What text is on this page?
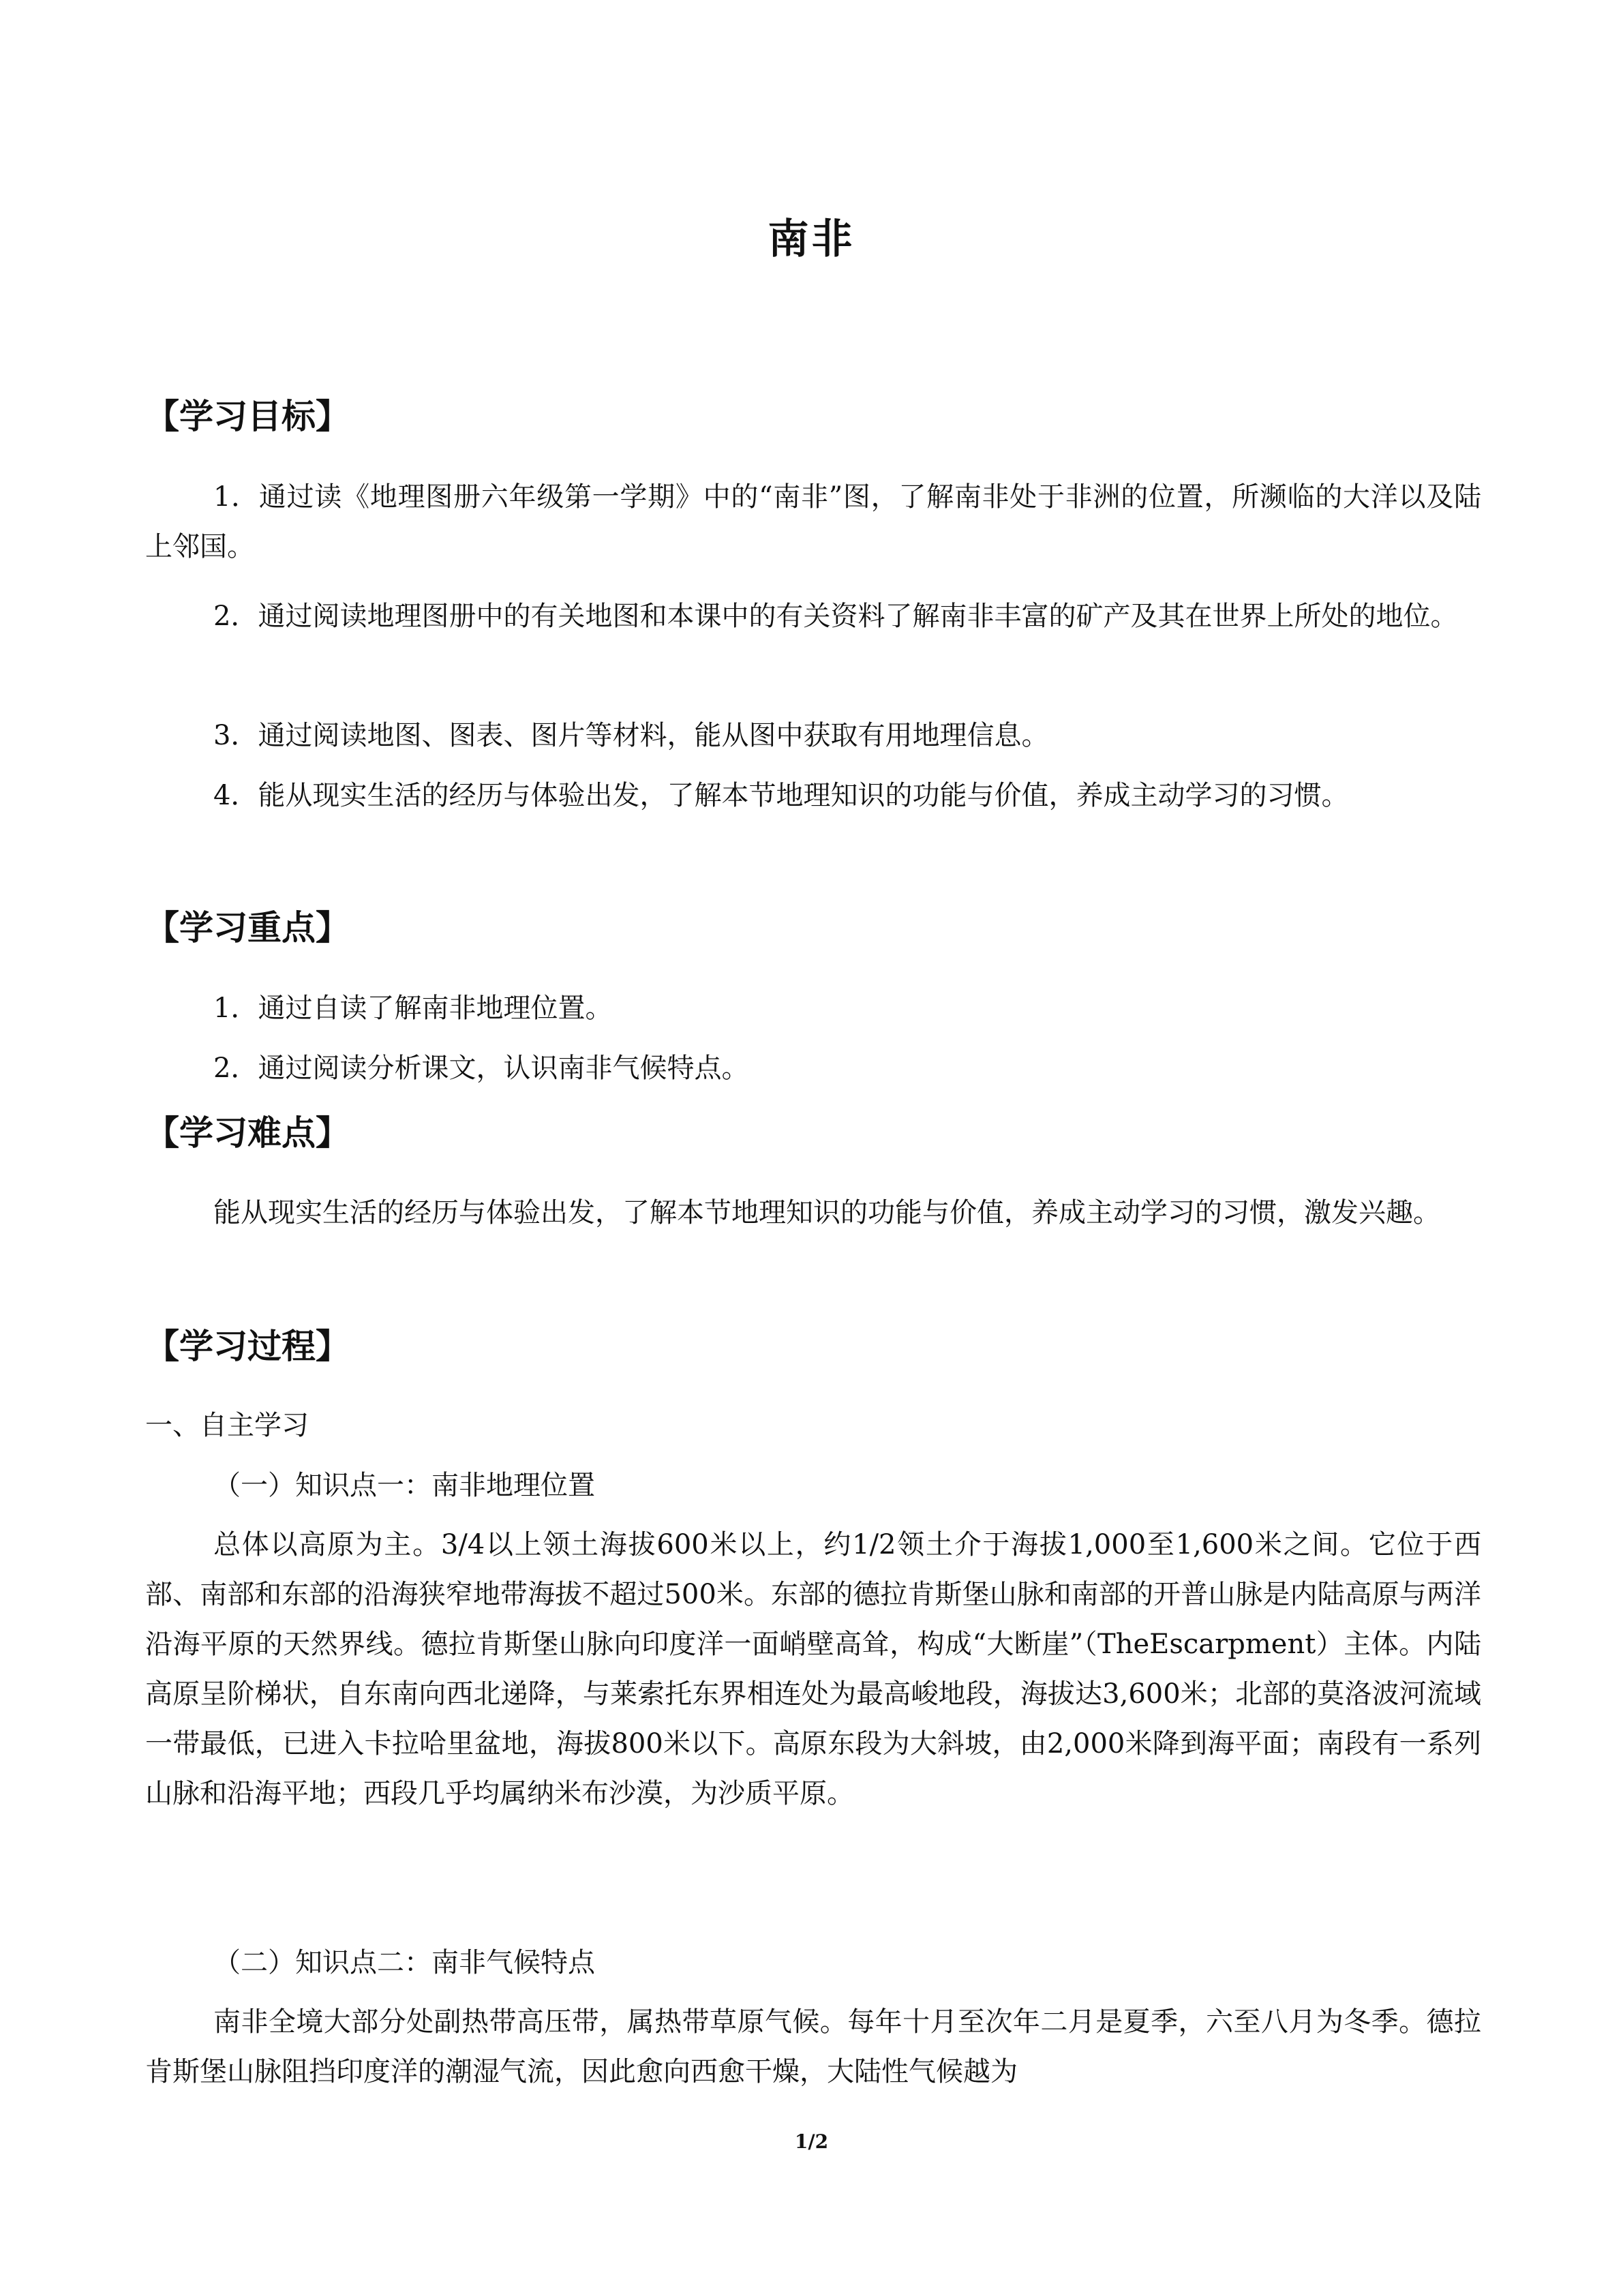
南非
【学习目标】
1．通过读《地理图册六年级第一学期》中的“南非”图，了解南非处于非洲的位置，所濒临的大洋以及陆上邻国。
2．通过阅读地理图册中的有关地图和本课中的有关资料了解南非丰富的矿产及其在世界上所处的地位。
3．通过阅读地图、图表、图片等材料，能从图中获取有用地理信息。
4．能从现实生活的经历与体验出发，了解本节地理知识的功能与价值，养成主动学习的习惯。
【学习重点】
1．通过自读了解南非地理位置。
2．通过阅读分析课文，认识南非气候特点。
【学习难点】
能从现实生活的经历与体验出发，了解本节地理知识的功能与价值，养成主动学习的习惯，激发兴趣。
【学习过程】
一、自主学习
（一）知识点一：南非地理位置
总体以高原为主。3/4以上领土海拔600米以上，约1/2领土介于海拔1,000至1,600米之间。它位于西部、南部和东部的沿海狭窄地带海拔不超过500米。东部的德拉肯斯堡山脉和南部的开普山脉是内陆高原与两洋沿海平原的天然界线。德拉肯斯堡山脉向印度洋一面峭壁高耸，构成“大断崖”（TheEscarpment）主体。内陆高原呈阶梯状，自东南向西北递降，与莱索托东界相连处为最高峻地段，海拔达3,600米；北部的莫洛波河流域一带最低，已进入卡拉哈里盆地，海拔800米以下。高原东段为大斜坡，由2,000米降到海平面；南段有一系列山脉和沿海平地；西段几乎均属纳米布沙漠，为沙质平原。
（二）知识点二：南非气候特点
南非全境大部分处副热带高压带，属热带草原气候。每年十月至次年二月是夏季，六至八月为冬季。德拉肯斯堡山脉阻挡印度洋的潮湿气流，因此愈向西愈干燥，大陆性气候越为
1/2
